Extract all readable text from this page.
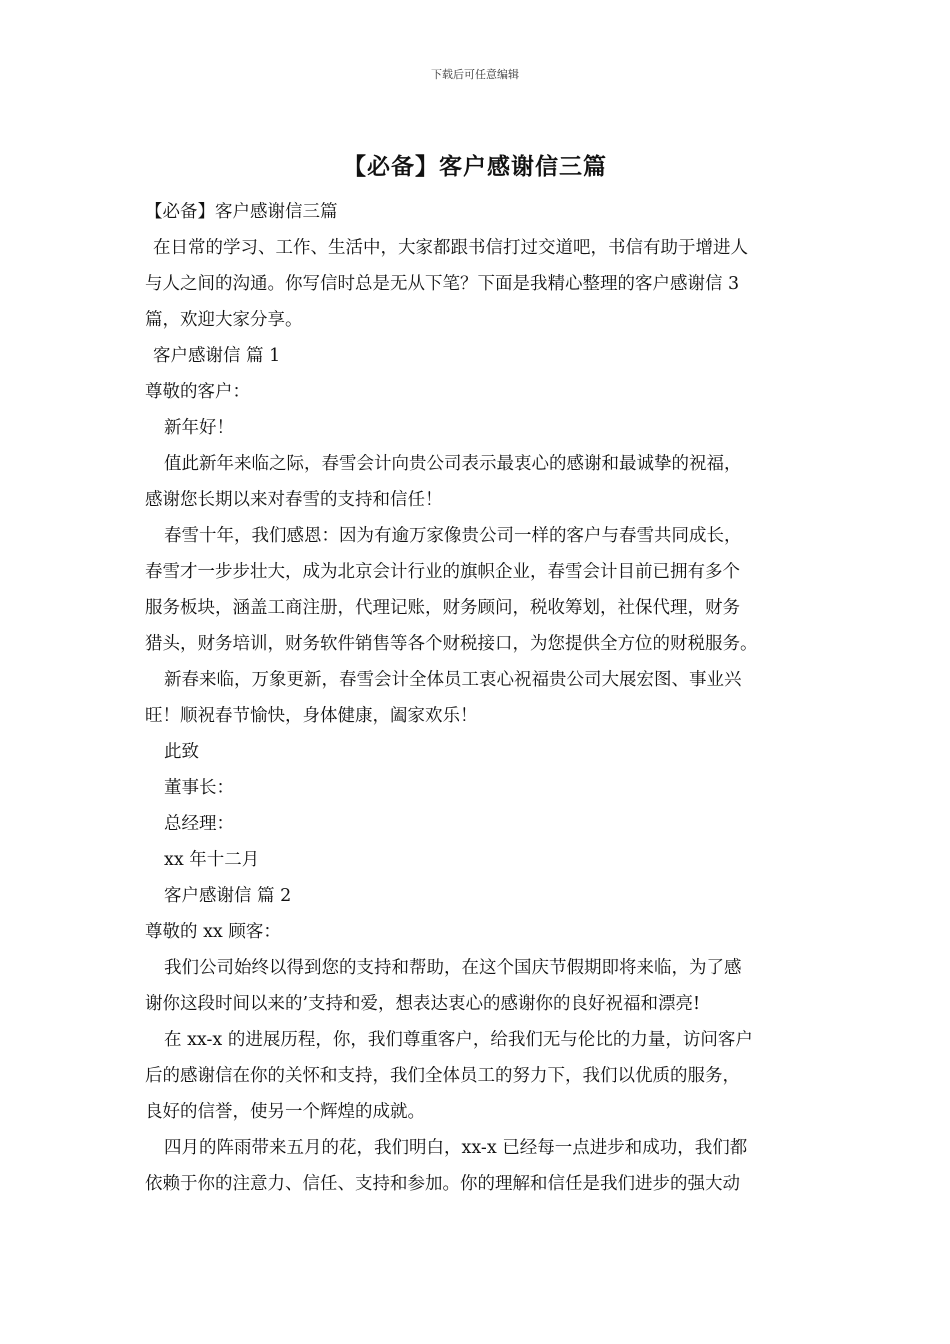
下载后可任意编辑
【必备】客户感谢信三篇
【必备】客户感谢信三篇
在日常的学习、工作、生活中，大家都跟书信打过交道吧，书信有助于增进人
与人之间的沟通。你写信时总是无从下笔？下面是我精心整理的客户感谢信 3
篇，欢迎大家分享。
客户感谢信 篇 1
尊敬的客户：
新年好！
值此新年来临之际，春雪会计向贵公司表示最衷心的感谢和最诚挚的祝福，
感谢您长期以来对春雪的支持和信任！
春雪十年，我们感恩：因为有逾万家像贵公司一样的客户与春雪共同成长，
春雪才一步步壮大，成为北京会计行业的旗帜企业，春雪会计目前已拥有多个
服务板块，涵盖工商注册，代理记账，财务顾问，税收筹划，社保代理，财务
猎头，财务培训，财务软件销售等各个财税接口，为您提供全方位的财税服务。
新春来临，万象更新，春雪会计全体员工衷心祝福贵公司大展宏图、事业兴
旺！顺祝春节愉快，身体健康，阖家欢乐！
此致
董事长：
总经理：
xx 年十二月
客户感谢信 篇 2
尊敬的 xx 顾客：
我们公司始终以得到您的支持和帮助，在这个国庆节假期即将来临，为了感
谢你这段时间以来的’支持和爱，想表达衷心的感谢你的良好祝福和漂亮!
在 xx-x 的进展历程，你，我们尊重客户，给我们无与伦比的力量，访问客户
后的感谢信在你的关怀和支持，我们全体员工的努力下，我们以优质的服务，
良好的信誉，使另一个辉煌的成就。
四月的阵雨带来五月的花，我们明白，xx-x 已经每一点进步和成功，我们都
依赖于你的注意力、信任、支持和参加。你的理解和信任是我们进步的强大动
